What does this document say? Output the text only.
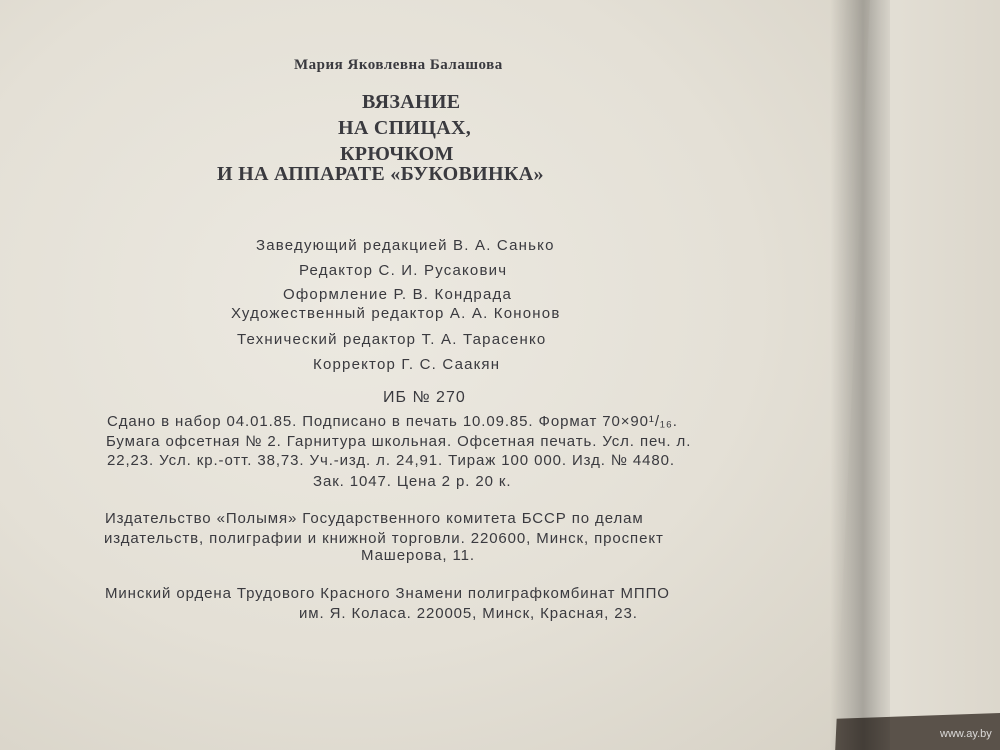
Мария Яковлевна Балашова
ВЯЗАНИЕ
НА СПИЦАХ,
КРЮЧКОМ
И НА АППАРАТЕ «БУКОВИНКА»
Заведующий редакцией В. А. Санько
Редактор С. И. Русакович
Оформление Р. В. Кондрада
Художественный редактор А. А. Кононов
Технический редактор Т. А. Тарасенко
Корректор Г. С. Саакян
ИБ № 270
Сдано в набор 04.01.85. Подписано в печать 10.09.85. Формат 70×90¹/₁₆.
Бумага офсетная № 2. Гарнитура школьная. Офсетная печать. Усл. печ. л.
22,23. Усл. кр.-отт. 38,73. Уч.-изд. л. 24,91. Тираж 100 000. Изд. № 4480.
Зак. 1047. Цена 2 р. 20 к.
Издательство «Полымя» Государственного комитета БССР по делам
издательств, полиграфии и книжной торговли. 220600, Минск, проспект
Машерова, 11.
Минский ордена Трудового Красного Знамени полиграфкомбинат МППО
им. Я. Коласа. 220005, Минск, Красная, 23.
www.ay.by
